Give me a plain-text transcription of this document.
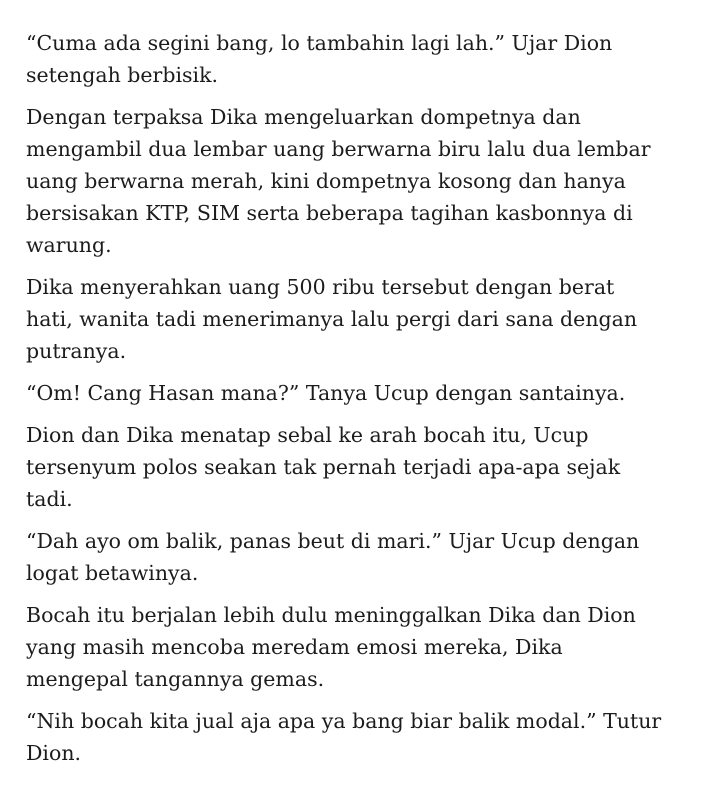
“Cuma ada segini bang, lo tambahin lagi lah.” Ujar Dion
setengah berbisik.

Dengan terpaksa Dika mengeluarkan dompetnya dan
mengambil dua lembar uang berwarna biru lalu dua lembar
uang berwarna merah, kini dompetnya kosong dan hanya
bersisakan KTP, SIM serta beberapa tagihan kasbonnya di
warung.

Dika menyerahkan uang 500 ribu tersebut dengan berat
hati, wanita tadi menerimanya lalu pergi dari sana dengan
putranya.

“Om! Cang Hasan mana?” Tanya Ucup dengan santainya.

Dion dan Dika menatap sebal ke arah bocah itu, Ucup
tersenyum polos seakan tak pernah terjadi apa-apa sejak
tadi.

“Dah ayo om balik, panas beut di mari.” Ujar Ucup dengan
logat betawinya.

Bocah itu berjalan lebih dulu meninggalkan Dika dan Dion
yang masih mencoba meredam emosi mereka, Dika
mengepal tangannya gemas.

“Nih bocah kita jual aja apa ya bang biar balik modal.” Tutur
Dion.
